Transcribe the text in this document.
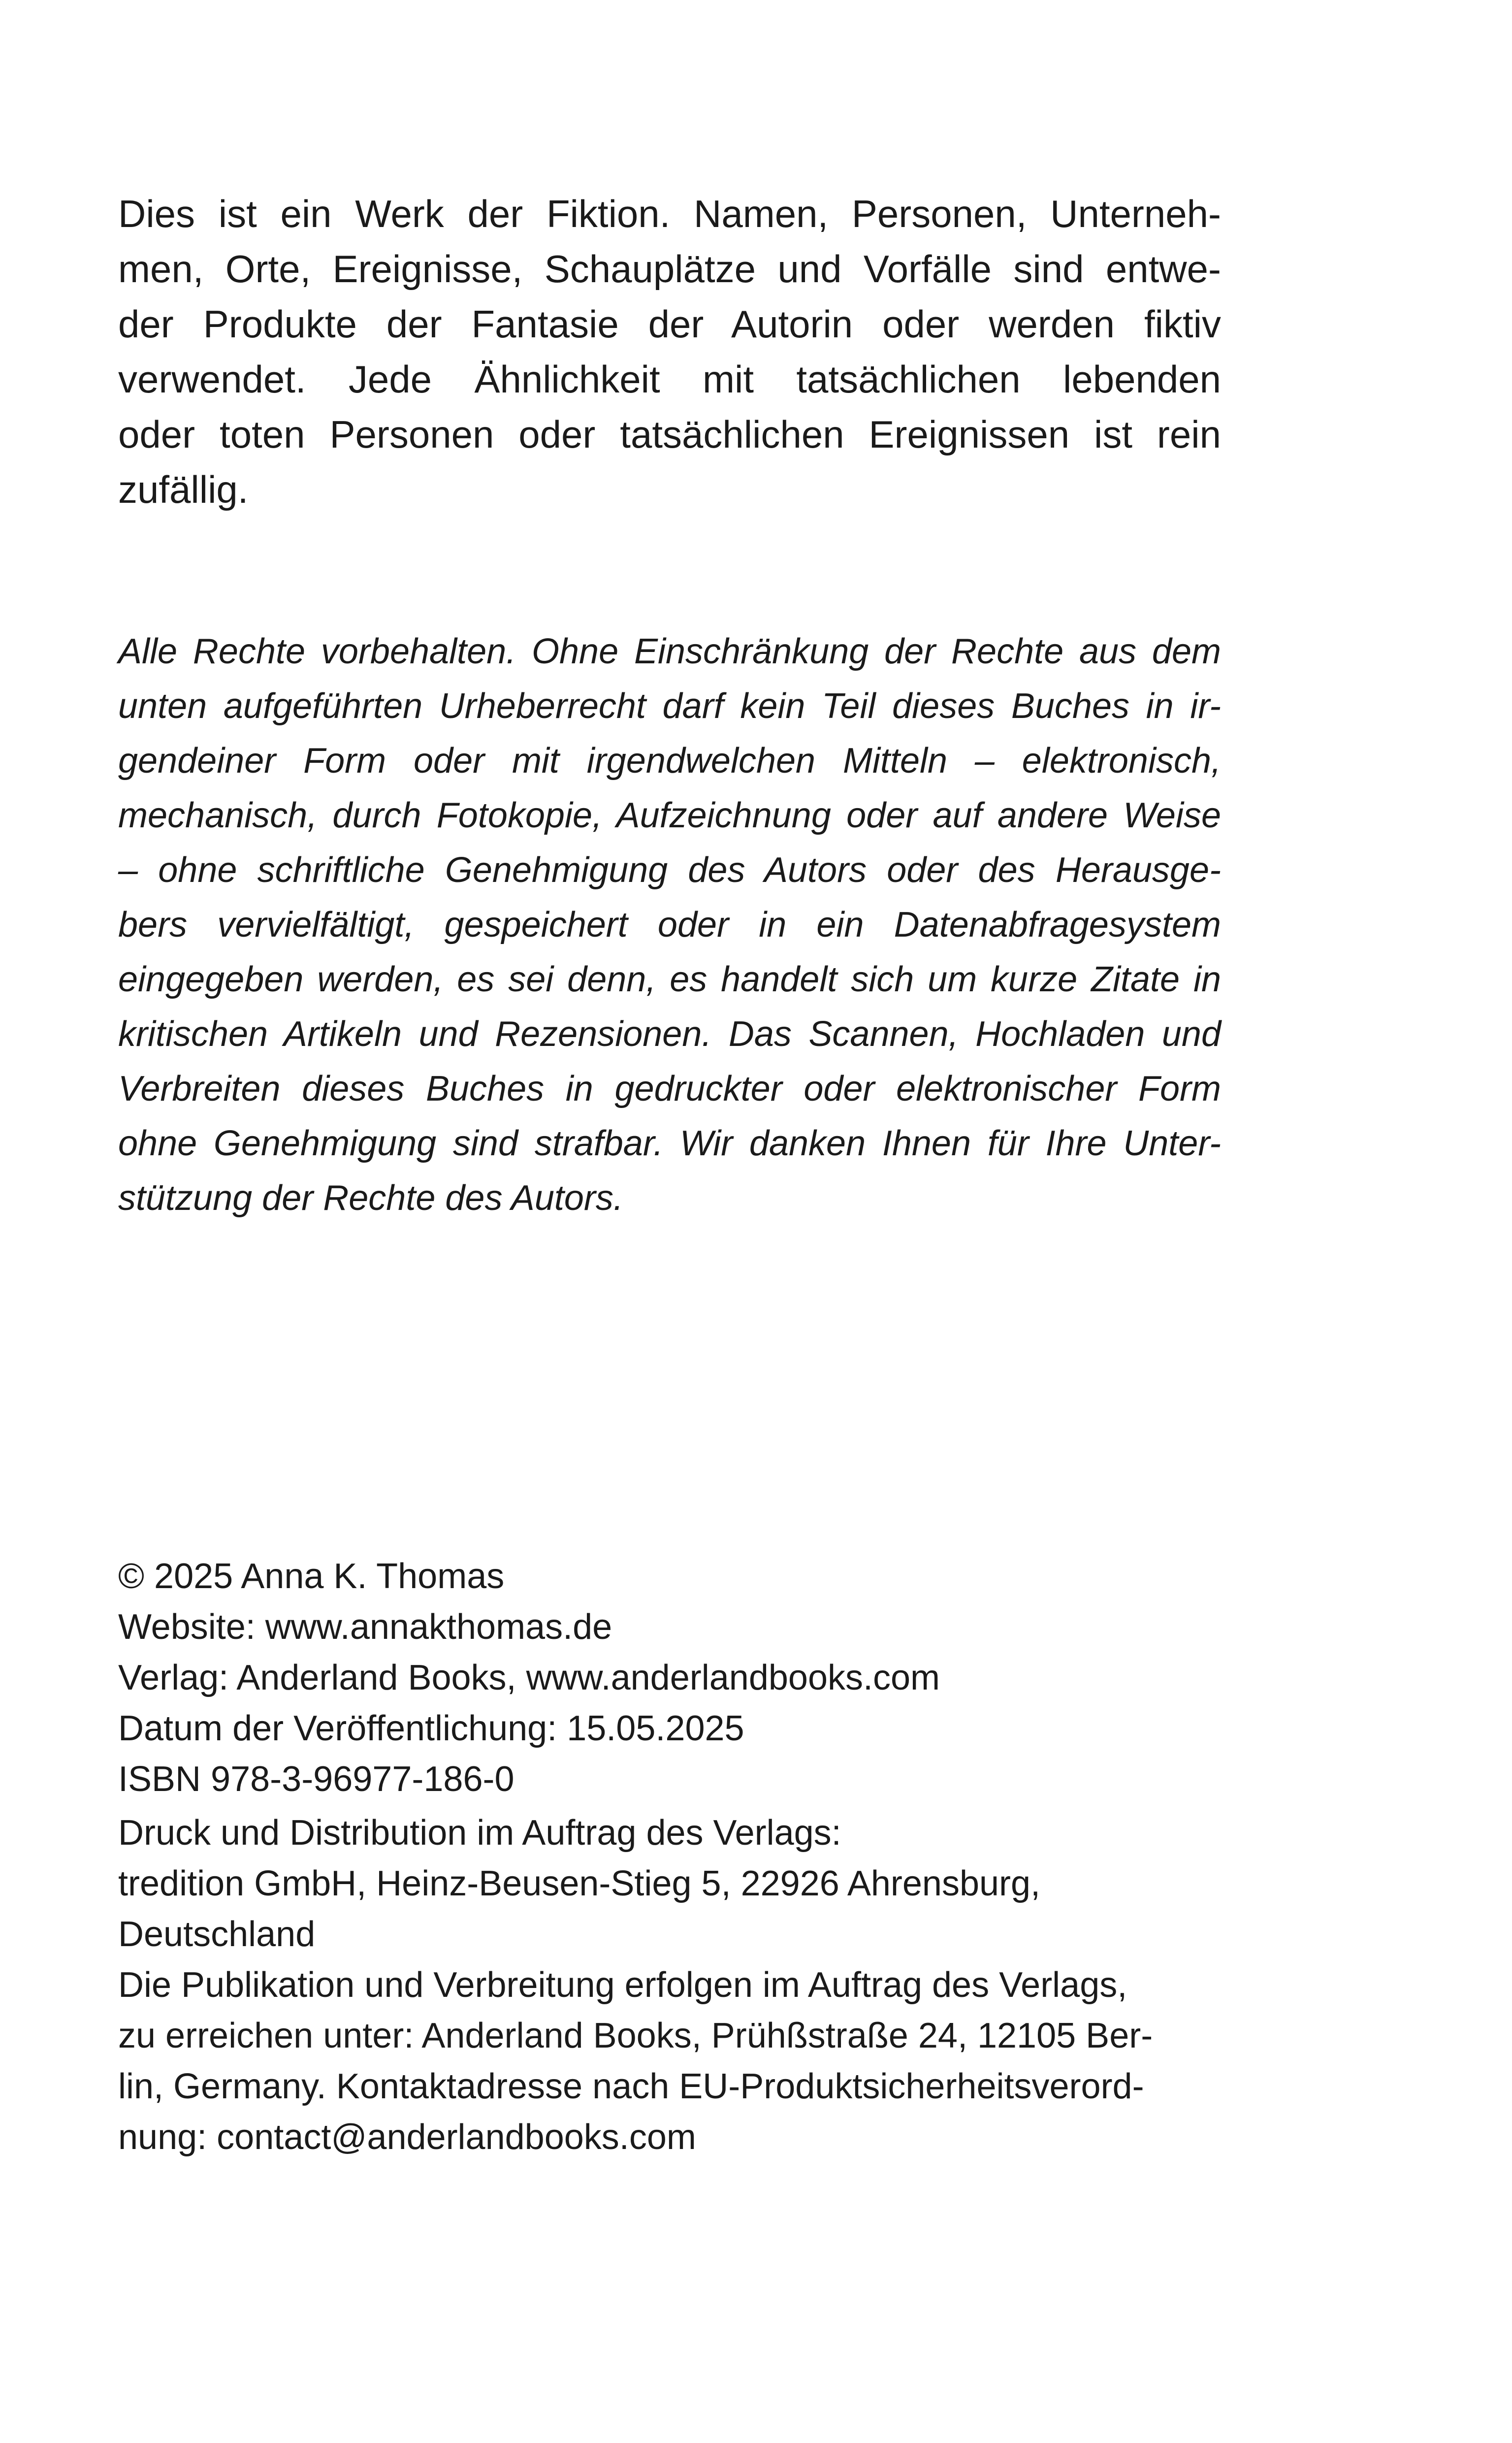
Dies ist ein Werk der Fiktion. Namen, Personen, Unterneh-
men, Orte, Ereignisse, Schauplätze und Vorfälle sind entwe-
der Produkte der Fantasie der Autorin oder werden fiktiv
verwendet. Jede Ähnlichkeit mit tatsächlichen lebenden
oder toten Personen oder tatsächlichen Ereignissen ist rein
zufällig.
Alle Rechte vorbehalten. Ohne Einschränkung der Rechte aus dem
unten aufgeführten Urheberrecht darf kein Teil dieses Buches in ir-
gendeiner Form oder mit irgendwelchen Mitteln – elektronisch,
mechanisch, durch Fotokopie, Aufzeichnung oder auf andere Weise
– ohne schriftliche Genehmigung des Autors oder des Herausge-
bers vervielfältigt, gespeichert oder in ein Datenabfragesystem
eingegeben werden, es sei denn, es handelt sich um kurze Zitate in
kritischen Artikeln und Rezensionen. Das Scannen, Hochladen und
Verbreiten dieses Buches in gedruckter oder elektronischer Form
ohne Genehmigung sind strafbar. Wir danken Ihnen für Ihre Unter-
stützung der Rechte des Autors.
© 2025 Anna K. Thomas
Website: www.annakthomas.de
Verlag: Anderland Books, www.anderlandbooks.com
Datum der Veröffentlichung: 15.05.2025
ISBN 978-3-96977-186-0
Druck und Distribution im Auftrag des Verlags:
tredition GmbH, Heinz-Beusen-Stieg 5, 22926 Ahrensburg,
Deutschland
Die Publikation und Verbreitung erfolgen im Auftrag des Verlags,
zu erreichen unter: Anderland Books, Prühßstraße 24, 12105 Ber-
lin, Germany. Kontaktadresse nach EU-Produktsicherheitsverord-
nung: contact@anderlandbooks.com
